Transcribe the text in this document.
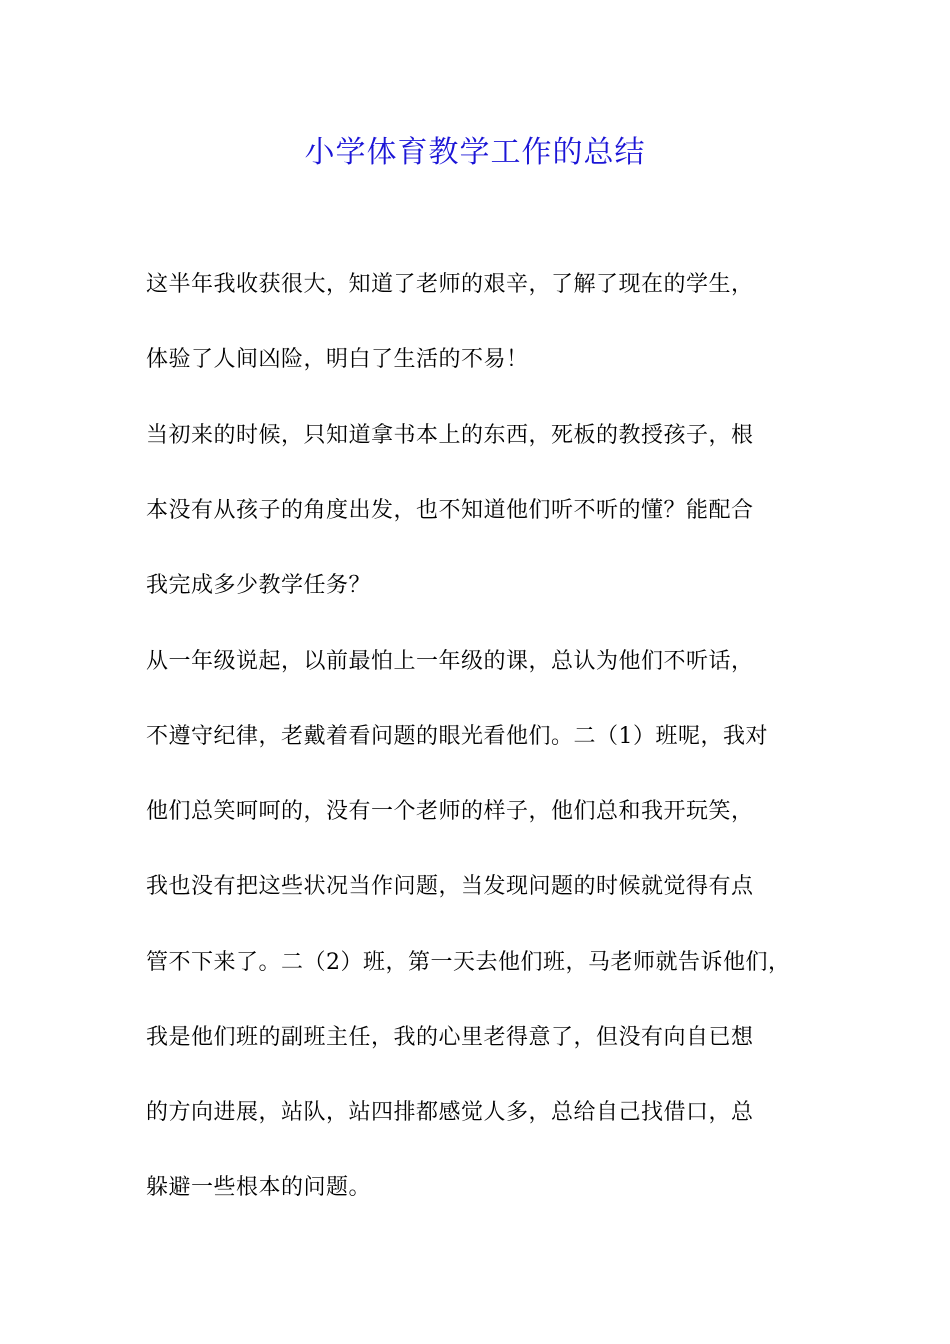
小学体育教学工作的总结
这半年我收获很大，知道了老师的艰辛，了解了现在的学生，
体验了人间凶险，明白了生活的不易！
当初来的时候，只知道拿书本上的东西，死板的教授孩子，根
本没有从孩子的角度出发，也不知道他们听不听的懂？能配合
我完成多少教学任务？
从一年级说起，以前最怕上一年级的课，总认为他们不听话，
不遵守纪律，老戴着看问题的眼光看他们。二（1）班呢，我对
他们总笑呵呵的，没有一个老师的样子，他们总和我开玩笑，
我也没有把这些状况当作问题，当发现问题的时候就觉得有点
管不下来了。二（2）班，第一天去他们班，马老师就告诉他们，
我是他们班的副班主任，我的心里老得意了，但没有向自已想
的方向进展，站队，站四排都感觉人多，总给自己找借口，总
躲避一些根本的问题。
